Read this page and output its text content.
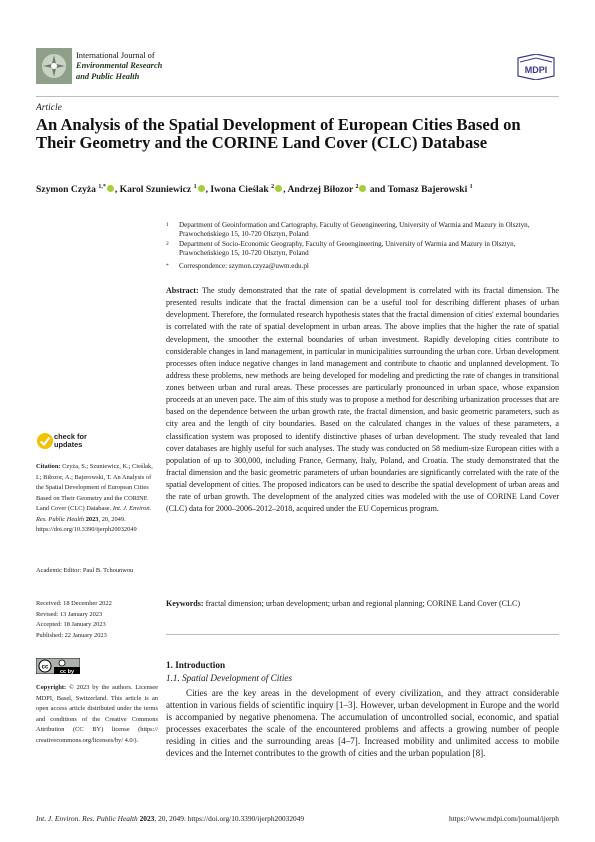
International Journal of
Environmental Research
and Public Health
MDPI
Article
An Analysis of the Spatial Development of European Cities Based on Their Geometry and the CORINE Land Cover (CLC) Database
Szymon Czyża $^{1,*}$ , Karol Szuniewicz $^1$ , Iwona Cieślak $^2$ , Andrzej Biłozor $^2$ and Tomasz Bajerowski $^1$
1 Department of Geoinformation and Cartography, Faculty of Geoengineering, University of Warmia and Mazury in Olsztyn, Prawocheńskiego 15, 10-720 Olsztyn, Poland
2 Department of Socio-Economic Geography, Faculty of Geoengineering, University of Warmia and Mazury in Olsztyn, Prawocheńskiego 15, 10-720 Olsztyn, Poland
* Correspondence: szymon.czyza@uwm.edu.pl
Abstract: The study demonstrated that the rate of spatial development is correlated with its fractal dimension. The presented results indicate that the fractal dimension can be a useful tool for describing different phases of urban development. Therefore, the formulated research hypothesis states that the fractal dimension of cities' external boundaries is correlated with the rate of spatial development in urban areas. The above implies that the higher the rate of spatial development, the smoother the external boundaries of urban investment. Rapidly developing cities contribute to considerable changes in land management, in particular in municipalities surrounding the urban core. Urban development processes often induce negative changes in land management and contribute to chaotic and unplanned development. To address these problems, new methods are being developed for modeling and predicting the rate of changes in transitional zones between urban and rural areas. These processes are particularly pronounced in urban space, whose expansion proceeds at an uneven pace. The aim of this study was to propose a method for describing urbanization processes that are based on the dependence between the urban growth rate, the fractal dimension, and basic geometric parameters, such as city area and the length of city boundaries. Based on the calculated changes in the values of these parameters, a classification system was proposed to identify distinctive phases of urban development. The study revealed that land cover databases are highly useful for such analyses. The study was conducted on 58 medium-size European cities with a population of up to 300,000, including France, Germany, Italy, Poland, and Croatia. The study demonstrated that the fractal dimension and the basic geometric parameters of urban boundaries are significantly correlated with the rate of the spatial development of cities. The proposed indicators can be used to describe the spatial development of urban areas and the rate of urban growth. The development of the analyzed cities was modeled with the use of CORINE Land Cover (CLC) data for 2000–2006–2012–2018, acquired under the EU Copernicus program.
Keywords: fractal dimension; urban development; urban and regional planning; CORINE Land Cover (CLC)
check for
updates
Citation: Czyża, S.; Szuniewicz, K.; Cieślak, I.; Biłozor, A.; Bajerowski, T. An Analysis of the Spatial Development of European Cities Based on Their Geometry and the CORINE Land Cover (CLC) Database. Int. J. Environ. Res. Public Health 2023, 20, 2049. https://doi.org/10.3390/ijerph20032049
Academic Editor: Paul B. Tchounwou
Received: 18 December 2022
Revised: 13 January 2023
Accepted: 18 January 2023
Published: 22 January 2023
cc
cc by
Copyright: © 2023 by the authors. Licensee MDPI, Basel, Switzerland. This article is an open access article distributed under the terms and conditions of the Creative Commons Attribution (CC BY) license (https:// creativecommons.org/licenses/by/ 4.0/).
1. Introduction
1.1. Spatial Development of Cities
Cities are the key areas in the development of every civilization, and they attract considerable attention in various fields of scientific inquiry [1–3]. However, urban development in Europe and the world is accompanied by negative phenomena. The accumulation of uncontrolled social, economic, and spatial processes exacerbates the scale of the encountered problems and affects a growing number of people residing in cities and the surrounding areas [4–7]. Increased mobility and unlimited access to mobile devices and the Internet contributes to the growth of cities and the urban population [8].
Int. J. Environ. Res. Public Health 2023, 20, 2049. https://doi.org/10.3390/ijerph20032049	https://www.mdpi.com/journal/ijerph
